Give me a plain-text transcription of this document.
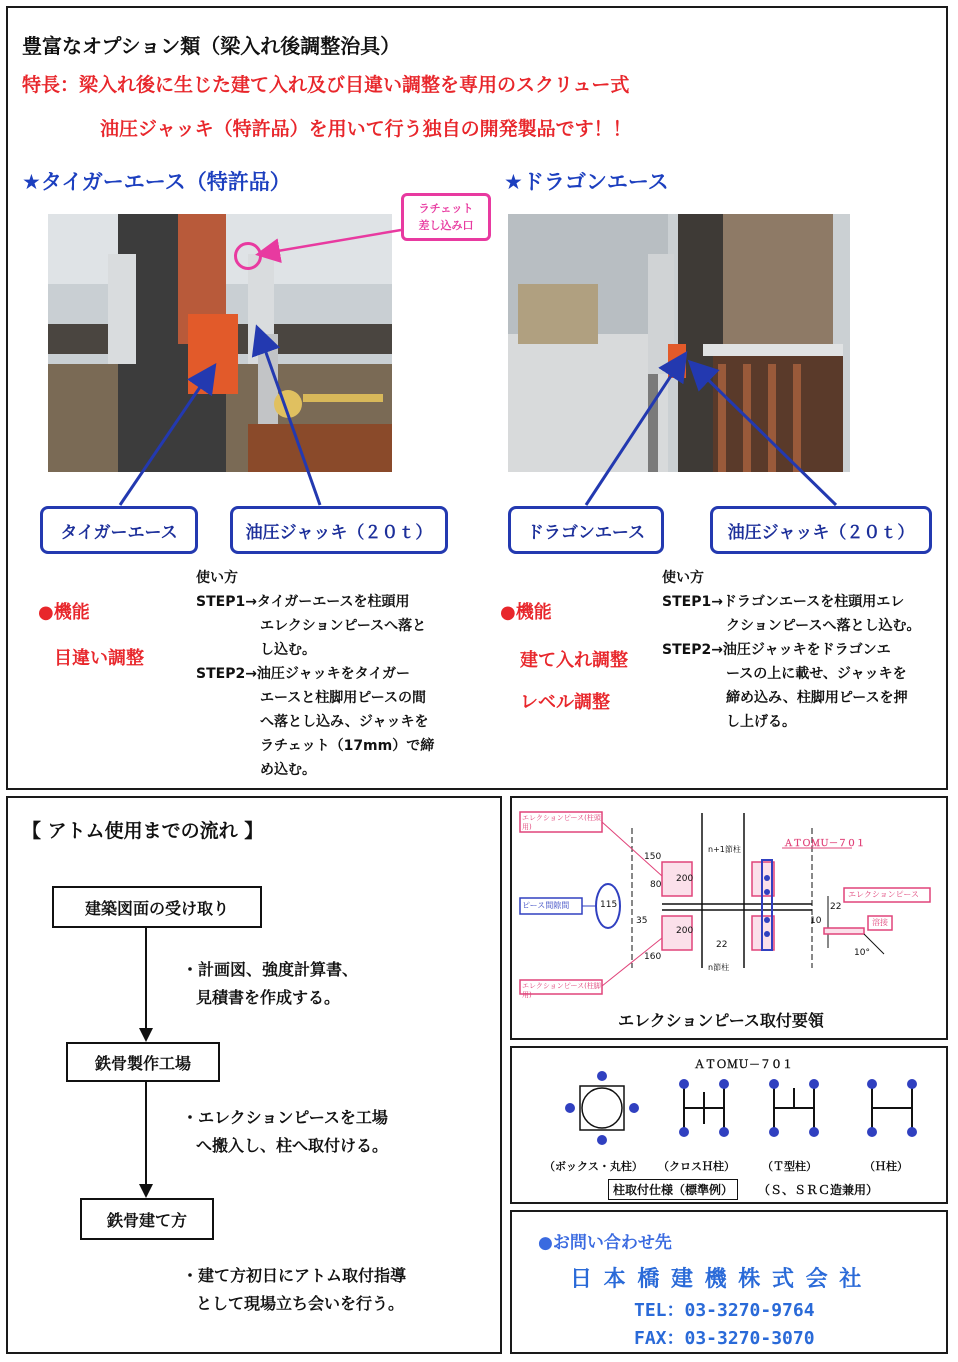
豊富なオプション類（梁入れ後調整治具）
特長：梁入れ後に生じた建て入れ及び目違い調整を専用のスクリュー式
油圧ジャッキ（特許品）を用いて行う独自の開発製品です！！
★タイガーエース（特許品）
ラチェット
差し込み口
タイガーエース	油圧ジャッキ（２０ｔ）
★ドラゴンエース
ドラゴンエース	油圧ジャッキ（２０ｔ）
●機能
目違い調整
使い方
STEP1→タイガーエースを柱頭用
エレクションピースへ落と
し込む。
STEP2→油圧ジャッキをタイガー
エースと柱脚用ピースの間
へ落とし込み、ジャッキを
ラチェット（17mm）で締
め込む。
●機能
建て入れ調整
レベル調整
使い方
STEP1→ドラゴンエースを柱頭用エレ
クションピースへ落とし込む。
STEP2→油圧ジャッキをドラゴンエ
ースの上に載せ、ジャッキを
締め込み、柱脚用ピースを押
し上げる。
【 アトム使用までの流れ 】
建築図面の受け取り
鉄骨製作工場
鉄骨建て方
・計画図、強度計算書、
見積書を作成する。
・エレクションピースを工場
へ搬入し、柱へ取付ける。
・建て方初日にアトム取付指導
として現場立ち会いを行う。
エレクションピース(柱頭用)
エレクションピース(柱脚用)
ピース間隙間
ＡＴＯＭＵ－７０１
エレクションピース
溶接
n+1節柱
n節柱
150
80
35
115
160
200
200
22
22
10
10°
エレクションピース取付要領
ＡＴＯＭＵ－７０１
（ボックス・丸柱） （クロスＨ柱） （Ｔ型柱）	（Ｈ柱）
柱取付仕様（標準例）	（Ｓ、ＳＲＣ造兼用）
●お問い合わせ先
日 本 橋 建 機 株 式 会 社
TEL：03-3270-9764
FAX：03-3270-3070
